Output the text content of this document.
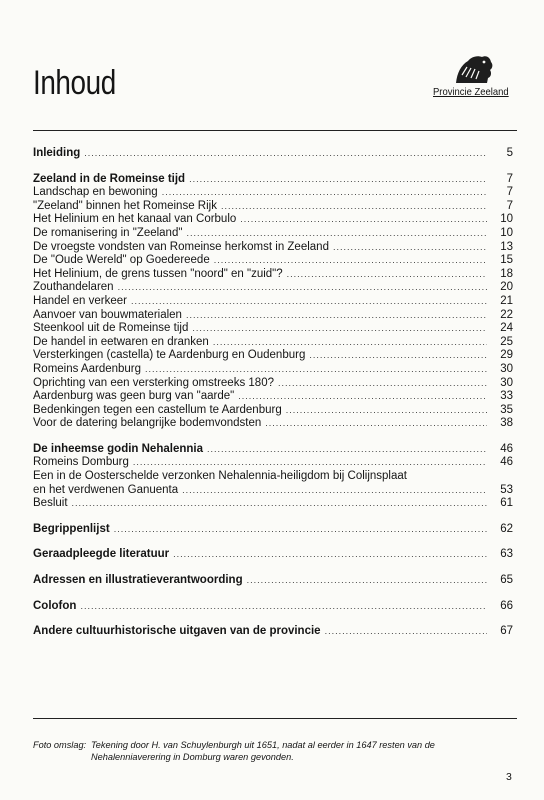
Inhoud	Provincie Zeeland
Inleiding .....	5
Zeeland in de Romeinse tijd .....	7
Landschap en bewoning .....	7
"Zeeland" binnen het Romeinse Rijk .....	7
Het Helinium en het kanaal van Corbulo .....	10
De romanisering in "Zeeland" .....	10
De vroegste vondsten van Romeinse herkomst in Zeeland .....	13
De "Oude Wereld" op Goedereede .....	15
Het Helinium, de grens tussen "noord" en "zuid"? .....	18
Zouthandelaren .....	20
Handel en verkeer .....	21
Aanvoer van bouwmaterialen .....	22
Steenkool uit de Romeinse tijd .....	24
De handel in eetwaren en dranken .....	25
Versterkingen (castella) te Aardenburg en Oudenburg .....	29
Romeins Aardenburg .....	30
Oprichting van een versterking omstreeks 180? .....	30
Aardenburg was geen burg van "aarde" .....	33
Bedenkingen tegen een castellum te Aardenburg .....	35
Voor de datering belangrijke bodemvondsten .....	38
De inheemse godin Nehalennia .....	46
Romeins Domburg .....	46
Een in de Oosterschelde verzonken Nehalennia-heiligdom bij Colijnsplaat
en het verdwenen Ganuenta .....	53
Besluit .....	61
Begrippenlijst .....	62
Geraadpleegde literatuur .....	63
Adressen en illustratieverantwoording .....	65
Colofon .....	66
Andere cultuurhistorische uitgaven van de provincie .....	67
Foto omslag: Tekening door H. van Schuylenburgh uit 1651, nadat al eerder in 1647 resten van de Nehalenniaverering in Domburg waren gevonden.
3
